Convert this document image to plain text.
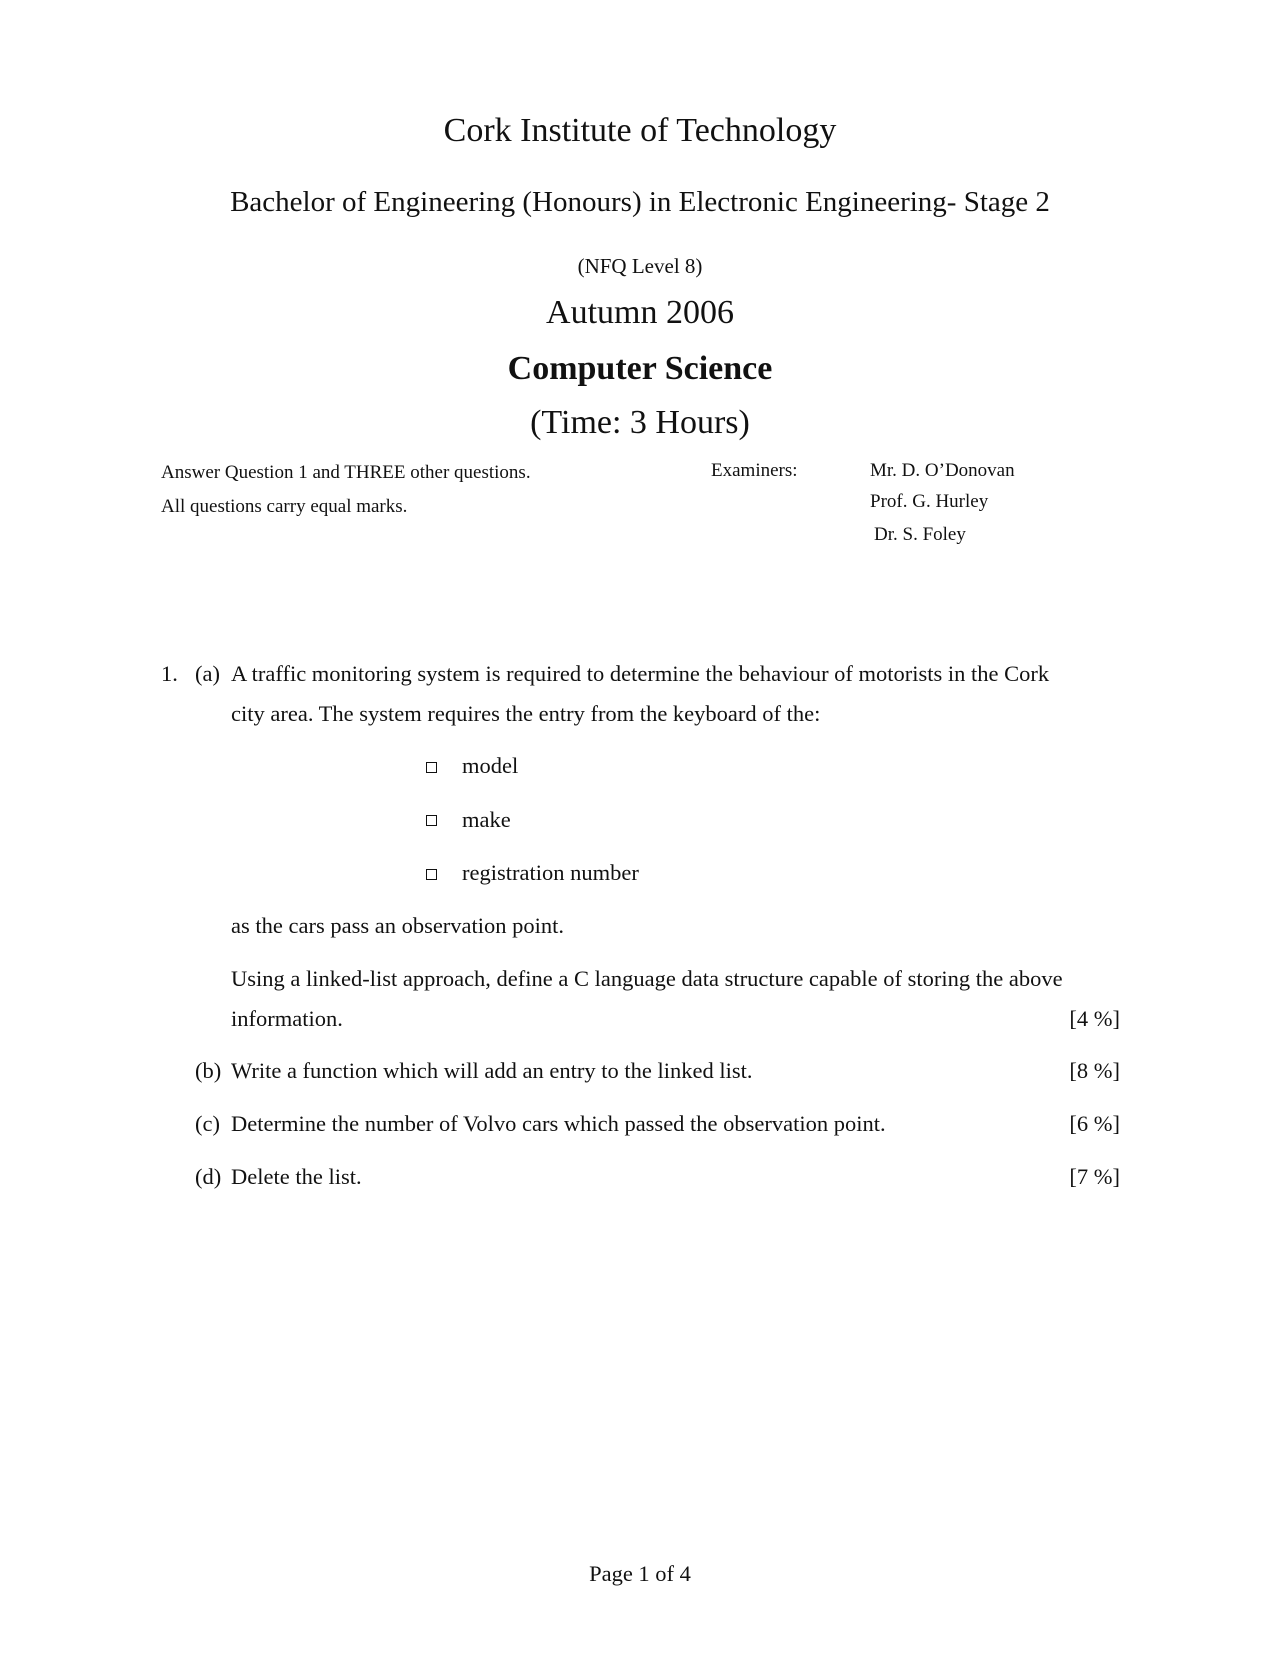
Cork Institute of Technology
Bachelor of Engineering (Honours) in Electronic Engineering- Stage 2
(NFQ Level 8)
Autumn 2006
Computer Science
(Time: 3 Hours)
Answer Question 1 and THREE other questions.
All questions carry equal marks.
Examiners:	Mr. D. O’Donovan
Prof. G. Hurley
Dr. S. Foley
1. (a) A traffic monitoring system is required to determine the behaviour of motorists in the Cork
city area. The system requires the entry from the keyboard of the:
model
make
registration number
as the cars pass an observation point.
Using a linked-list approach, define a C language data structure capable of storing the above
information.	[4 %]
(b) Write a function which will add an entry to the linked list.	[8 %]
(c) Determine the number of Volvo cars which passed the observation point.	[6 %]
(d) Delete the list.	[7 %]
Page 1 of 4
